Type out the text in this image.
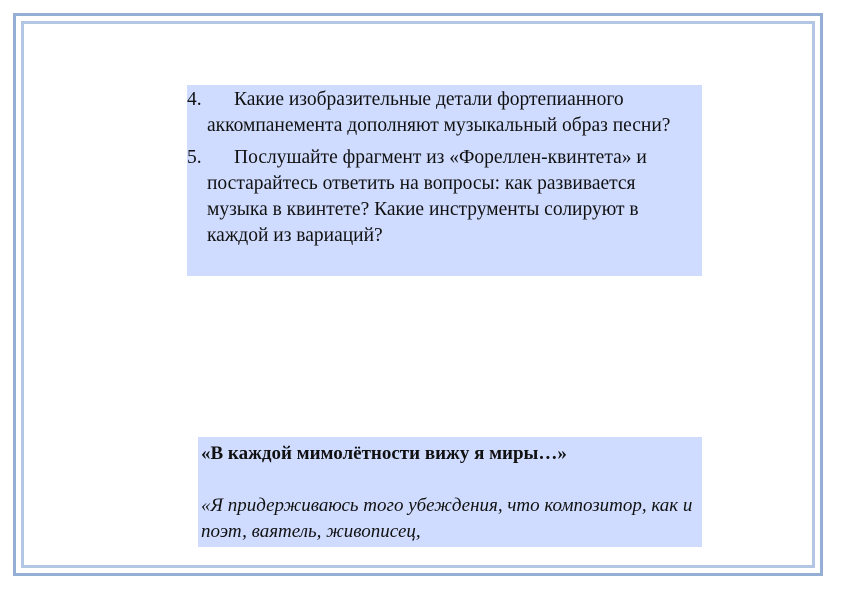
4.	Какие изобразительные детали фортепианного аккомпанемента дополняют музыкальный образ песни?
5.	Послушайте фрагмент из «Фореллен-квинтета» и постарайтесь ответить на вопросы: как развивается музыка в квинтете? Какие инструменты солируют в каждой из вариаций?
«В каждой мимолётности вижу я миры…»
«Я придерживаюсь того убеждения, что композитор, как и поэт, ваятель, живописец,
